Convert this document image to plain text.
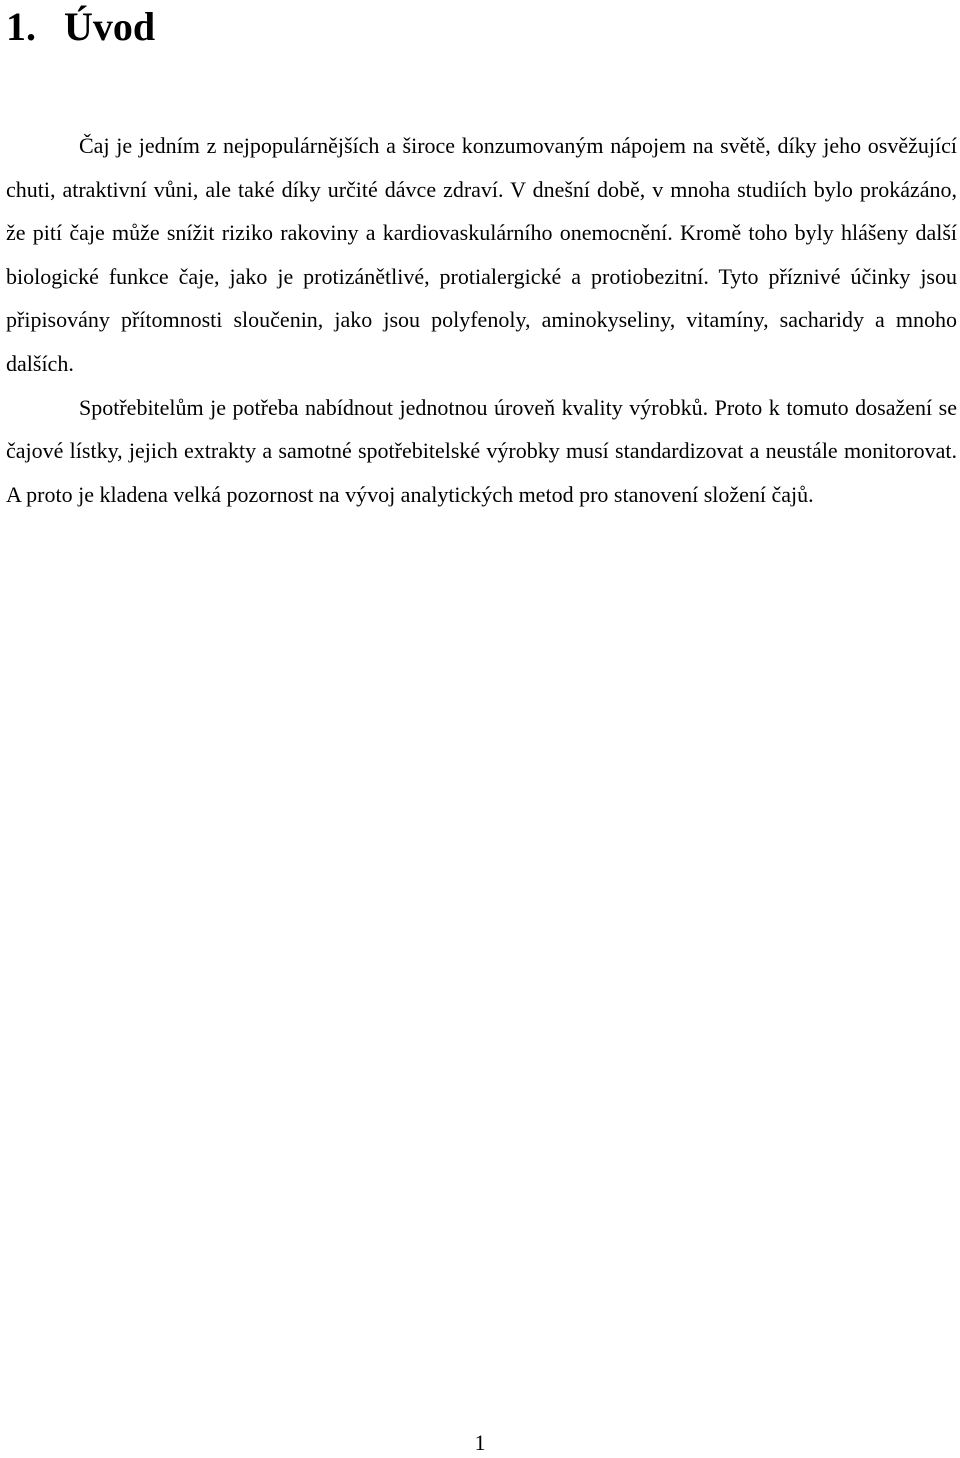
1. Úvod

Čaj je jedním z nejpopulárnějších a široce konzumovaným nápojem na světě, díky jeho osvěžující chuti, atraktivní vůni, ale také díky určité dávce zdraví. V dnešní době, v mnoha studiích bylo prokázáno, že pití čaje může snížit riziko rakoviny a kardiovaskulárního onemocnění. Kromě toho byly hlášeny další biologické funkce čaje, jako je protizánětlivé, protialergické a protiobezitní. Tyto příznivé účinky jsou připisovány přítomnosti sloučenin, jako jsou polyfenoly, aminokyseliny, vitamíny, sacharidy a mnoho dalších.

Spotřebitelům je potřeba nabídnout jednotnou úroveň kvality výrobků. Proto k tomuto dosažení se čajové lístky, jejich extrakty a samotné spotřebitelské výrobky musí standardizovat a neustále monitorovat. A proto je kladena velká pozornost na vývoj analytických metod pro stanovení složení čajů.

1
